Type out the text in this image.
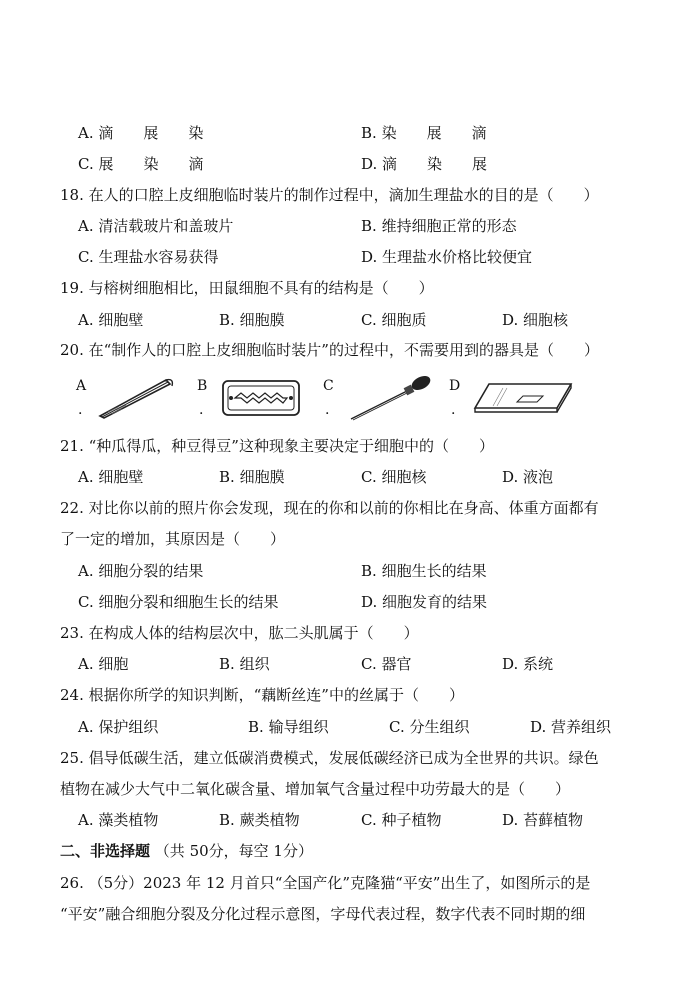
A. 滴　　展　　染	B. 染　　展　　滴
C. 展　　染　　滴	D. 滴　　染　　展
18. 在人的口腔上皮细胞临时装片的制作过程中，滴加生理盐水的目的是（　　）
A. 清洁载玻片和盖玻片	B. 维持细胞正常的形态
C. 生理盐水容易获得	D. 生理盐水价格比较便宜
19. 与榕树细胞相比，田鼠细胞不具有的结构是（　　）
A. 细胞壁	B. 细胞膜	C. 细胞质	D. 细胞核
20. 在“制作人的口腔上皮细胞临时装片”的过程中，不需要用到的器具是（　　）
A
.
B
.
C
.
D
.
21. “种瓜得瓜，种豆得豆”这种现象主要决定于细胞中的（　　）
A. 细胞壁	B. 细胞膜	C. 细胞核	D. 液泡
22. 对比你以前的照片你会发现，现在的你和以前的你相比在身高、体重方面都有
了一定的增加，其原因是（　　）
A. 细胞分裂的结果	B. 细胞生长的结果
C. 细胞分裂和细胞生长的结果	D. 细胞发育的结果
23. 在构成人体的结构层次中，肱二头肌属于（　　）
A. 细胞	B. 组织	C. 器官	D. 系统
24. 根据你所学的知识判断，“藕断丝连”中的丝属于（　　）
A. 保护组织	B. 输导组织	C. 分生组织	D. 营养组织
25. 倡导低碳生活，建立低碳消费模式，发展低碳经济已成为全世界的共识。绿色
植物在减少大气中二氧化碳含量、增加氧气含量过程中功劳最大的是（　　）
A. 藻类植物	B. 蕨类植物	C. 种子植物	D. 苔藓植物
二、非选择题 （共 50分，每空 1分）
26. （5分）2023 年 12 月首只“全国产化”克隆猫“平安”出生了，如图所示的是
“平安”融合细胞分裂及分化过程示意图，字母代表过程，数字代表不同时期的细
